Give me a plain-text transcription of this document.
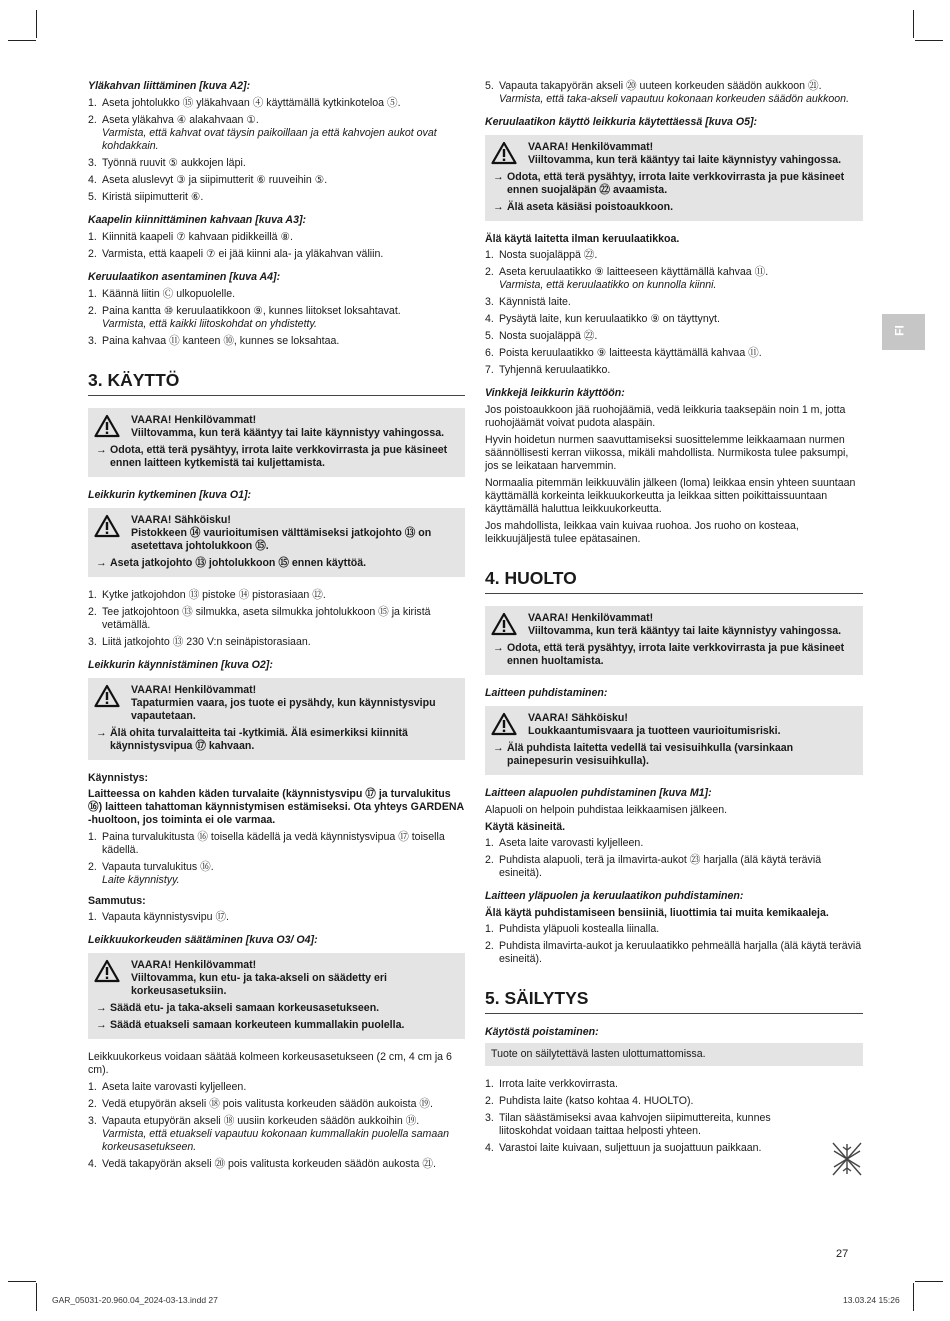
FI
Yläkahvan liittäminen [kuva A2]:
1. Aseta johtolukko ⑮ yläkahvaan ④ käyttämällä kytkinkoteloa ⑤.
2. Aseta yläkahva ④ alakahvaan ①.
Varmista, että kahvat ovat täysin paikoillaan ja että kahvojen aukot ovat kohdakkain.
3. Työnnä ruuvit ⑤ aukkojen läpi.
4. Aseta aluslevyt ③ ja siipimutterit ⑥ ruuveihin ⑤.
5. Kiristä siipimutterit ⑥.
Kaapelin kiinnittäminen kahvaan [kuva A3]:
1. Kiinnitä kaapeli ⑦ kahvaan pidikkeillä ⑧.
2. Varmista, että kaapeli ⑦ ei jää kiinni ala- ja yläkahvan väliin.
Keruulaatikon asentaminen [kuva A4]:
1. Käännä liitin Ⓒ ulkopuolelle.
2. Paina kantta ⑩ keruulaatikkoon ⑨, kunnes liitokset loksahtavat.
Varmista, että kaikki liitoskohdat on yhdistetty.
3. Paina kahvaa ⑪ kanteen ⑩, kunnes se loksahtaa.
3. KÄYTTÖ
VAARA! Henkilövammat!
Viiltovamma, kun terä kääntyy tai laite käynnistyy vahingossa.
→ Odota, että terä pysähtyy, irrota laite verkkovirrasta ja pue käsineet ennen laitteen kytkemistä tai kuljettamista.
Leikkurin kytkeminen [kuva O1]:
VAARA! Sähköisku!
Pistokkeen ⑭ vaurioitumisen välttämiseksi jatkojohto ⑬ on asetettava johtolukkoon ⑮.
→ Aseta jatkojohto ⑬ johtolukkoon ⑮ ennen käyttöä.
1. Kytke jatkojohdon ⑬ pistoke ⑭ pistorasiaan ⑫.
2. Tee jatkojohtoon ⑬ silmukka, aseta silmukka johtolukkoon ⑮ ja kiristä vetämällä.
3. Liitä jatkojohto ⑬ 230 V:n seinäpistorasiaan.
Leikkurin käynnistäminen [kuva O2]:
VAARA! Henkilövammat!
Tapaturmien vaara, jos tuote ei pysähdy, kun käynnistysvipu vapautetaan.
→ Älä ohita turvalaitteita tai -kytkimiä. Älä esimerkiksi kiinnitä käynnistysvipua ⑰ kahvaan.
Käynnistys:
Laitteessa on kahden käden turvalaite (käynnistysvipu ⑰ ja turvalukitus ⑯) laitteen tahattoman käynnistymisen estämiseksi. Ota yhteys GARDENA -huoltoon, jos toiminta ei ole varmaa.
1. Paina turvalukitusta ⑯ toisella kädellä ja vedä käynnistysvipua ⑰ toisella kädellä.
2. Vapauta turvalukitus ⑯.
Laite käynnistyy.
Sammutus:
1. Vapauta käynnistysvipu ⑰.
Leikkuukorkeuden säätäminen [kuva O3/ O4]:
VAARA! Henkilövammat!
Viiltovamma, kun etu- ja taka-akseli on säädetty eri korkeusasetuksiin.
→ Säädä etu- ja taka-akseli samaan korkeusasetukseen.
→ Säädä etuakseli samaan korkeuteen kummallakin puolella.
Leikkuukorkeus voidaan säätää kolmeen korkeusasetukseen (2 cm, 4 cm ja 6 cm).
1. Aseta laite varovasti kyljelleen.
2. Vedä etupyörän akseli ⑱ pois valitusta korkeuden säädön aukoista ⑲.
3. Vapauta etupyörän akseli ⑱ uusiin korkeuden säädön aukkoihin ⑲.
Varmista, että etuakseli vapautuu kokonaan kummallakin puolella samaan korkeusasetukseen.
4. Vedä takapyörän akseli ⑳ pois valitusta korkeuden säädön aukosta ㉑.
5. Vapauta takapyörän akseli ⑳ uuteen korkeuden säädön aukkoon ㉑.
Varmista, että taka-akseli vapautuu kokonaan korkeuden säädön aukkoon.
Keruulaatikon käyttö leikkuria käytettäessä [kuva O5]:
VAARA! Henkilövammat!
Viiltovamma, kun terä kääntyy tai laite käynnistyy vahingossa.
→ Odota, että terä pysähtyy, irrota laite verkkovirrasta ja pue käsineet ennen suojaläpän ㉒ avaamista.
→ Älä aseta käsiäsi poistoaukkoon.
Älä käytä laitetta ilman keruulaatikkoa.
1. Nosta suojaläppä ㉒.
2. Aseta keruulaatikko ⑨ laitteeseen käyttämällä kahvaa ⑪.
Varmista, että keruulaatikko on kunnolla kiinni.
3. Käynnistä laite.
4. Pysäytä laite, kun keruulaatikko ⑨ on täyttynyt.
5. Nosta suojaläppä ㉒.
6. Poista keruulaatikko ⑨ laitteesta käyttämällä kahvaa ⑪.
7. Tyhjennä keruulaatikko.
Vinkkejä leikkurin käyttöön:
Jos poistoaukkoon jää ruohojäämiä, vedä leikkuria taaksepäin noin 1 m, jotta ruohojäämät voivat pudota alaspäin.
Hyvin hoidetun nurmen saavuttamiseksi suosittelemme leikkaamaan nurmen säännöllisesti kerran viikossa, mikäli mahdollista. Nurmikosta tulee paksumpi, jos se leikataan harvemmin.
Normaalia pitemmän leikkuuvälin jälkeen (loma) leikkaa ensin yhteen suuntaan käyttämällä korkeinta leikkuukorkeutta ja leikkaa sitten poikittaissuuntaan käyttämällä haluttua leikkuukorkeutta.
Jos mahdollista, leikkaa vain kuivaa ruohoa. Jos ruoho on kosteaa, leikkuujäljestä tulee epätasainen.
4. HUOLTO
VAARA! Henkilövammat!
Viiltovamma, kun terä kääntyy tai laite käynnistyy vahingossa.
→ Odota, että terä pysähtyy, irrota laite verkkovirrasta ja pue käsineet ennen huoltamista.
Laitteen puhdistaminen:
VAARA! Sähköisku!
Loukkaantumisvaara ja tuotteen vaurioitumisriski.
→ Älä puhdista laitetta vedellä tai vesisuihkulla (varsinkaan painepesurin vesisuihkulla).
Laitteen alapuolen puhdistaminen [kuva M1]:
Alapuoli on helpoin puhdistaa leikkaamisen jälkeen.
Käytä käsineitä.
1. Aseta laite varovasti kyljelleen.
2. Puhdista alapuoli, terä ja ilmavirta-aukot ㉓ harjalla (älä käytä teräviä esineitä).
Laitteen yläpuolen ja keruulaatikon puhdistaminen:
Älä käytä puhdistamiseen bensiiniä, liuottimia tai muita kemikaaleja.
1. Puhdista yläpuoli kostealla liinalla.
2. Puhdista ilmavirta-aukot ja keruulaatikko pehmeällä harjalla (älä käytä teräviä esineitä).
5. SÄILYTYS
Käytöstä poistaminen:
Tuote on säilytettävä lasten ulottumattomissa.
1. Irrota laite verkkovirrasta.
2. Puhdista laite (katso kohtaa 4. HUOLTO).
3. Tilan säästämiseksi avaa kahvojen siipimuttereita, kunnes liitoskohdat voidaan taittaa helposti yhteen.
4. Varastoi laite kuivaan, suljettuun ja suojattuun paikkaan.
27
GAR_05031-20.960.04_2024-03-13.indd 27	13.03.24 15:26
